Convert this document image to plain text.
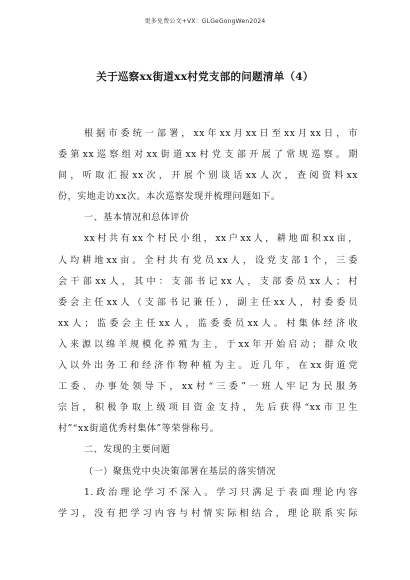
更多免费公文+VX：GLGeGongWen2024
关于巡察xx街道xx村党支部的问题清单（4）
根据市委统一部署，xx年xx月xx日至xx月xx日，市
委第xx巡察组对xx街道xx村党支部开展了常规巡察。期
间，听取汇报xx次，开展个别谈话xx人次，查阅资料xx
份，实地走访xx次。本次巡察发现并梳理问题如下。
一、基本情况和总体评价
xx村共有xx个村民小组，xx户xx人，耕地面积xx亩，
人均耕地xx亩。全村共有党员xx人，设党支部1个，三委
会干部xx人，其中：支部书记xx人，支部委员xx人；村
委会主任xx人（支部书记兼任），副主任xx人，村委委员
xx人；监委会主任xx人，监委委员xx人。村集体经济收
入来源以绵羊规模化养殖为主，于xx年开始启动；群众收
入以外出务工和经济作物种植为主。近几年，在xx街道党
工委、办事处领导下，xx村“三委”一班人牢记为民服务
宗旨，积极争取上级项目资金支持，先后获得“xx市卫生
村”“xx街道优秀村集体”等荣誉称号。
二、发现的主要问题
（一）聚焦党中央决策部署在基层的落实情况
1.政治理论学习不深入。学习只满足于表面理论内容
学习，没有把学习内容与村情实际相结合，理论联系实际
